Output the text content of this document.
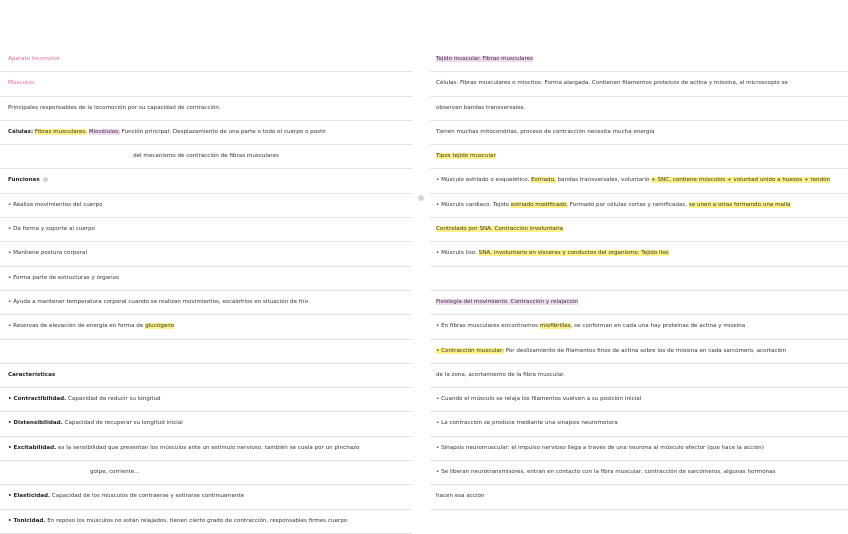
Aparato locomotor
Músculos.
Principales responsables de la locomoción por su capacidad de contracción.
Células: Fibras musculares. Miocélulas. Función principal: Desplazamiento de una parte o todo el cuerpo o postir
del mecanismo de contracción de fibras musculares
Funciones
• Realiza movimientos del cuerpo
• Da forma y soporte al cuerpo
• Mantiene postura corporal
• Forma parte de estructuras y órganos
• Ayuda a mantener temperatura corporal cuando se realizan movimientos, escalofríos en situación de frío
• Reservas de elevación de energía en forma de glucógeno
Características
• Contractibilidad. Capacidad de reducir su longitud
• Distensibilidad. Capacidad de recuperar su longitud inicial
• Excitabilidad. es la sensibilidad que presentan los músculos ante un estímulo nervioso, también se cuela por un pinchazo
golpe, corriente...
• Elasticidad. Capacidad de los músculos de contraerse y estirarse continuamente
• Tonicidad. En reposo los músculos no están relajados, tienen cierto grado de contracción, responsables firmes cuerpo
Tejido muscular. Fibras musculares
Células: Fibras musculares o miocitos. Forma alargada. Contienen filamentos proteicos de actina y miosina, al microscopio se
observan bandas transversales.
Tienen muchas mitocondrias, proceso de contracción necesita mucha energía
Tipos tejido muscular
• Músculo estriado o esquelético. Estriado, bandas transversales, voluntario + SNC, contiene músculos + voluntad unido a huesos + tendón
• Músculo cardiaco. Tejido estriado modificado. Formado por células cortas y ramificadas, se unen a otras formando una malla
Controlado por SNA. Contracción involuntaria
• Músculo liso. SNA, involuntario en vísceras y conductos del organismo. Tejido liso
Fisiología del movimiento. Contracción y relajación
• En fibras musculares encontramos miofibrillas, se conforman en cada una hay proteínas de actina y miosina
• Contracción muscular: Por deslizamiento de filamentos finos de actina sobre los de miosina en cada sarcómero, acortación
de la zona, acortamiento de la fibra muscular.
• Cuando el músculo se relaja los filamentos vuelven a su posición inicial
• La contracción se produce mediante una sinapsis neuromotora
• Sinapsis neuromuscular: el impulso nervioso llega a través de una neurona al músculo efector (que hace la acción)
• Se liberan neurotransmisores, entran en contacto con la fibra muscular, contracción de sarcómeros, algunas hormonas
hacen esa acción
